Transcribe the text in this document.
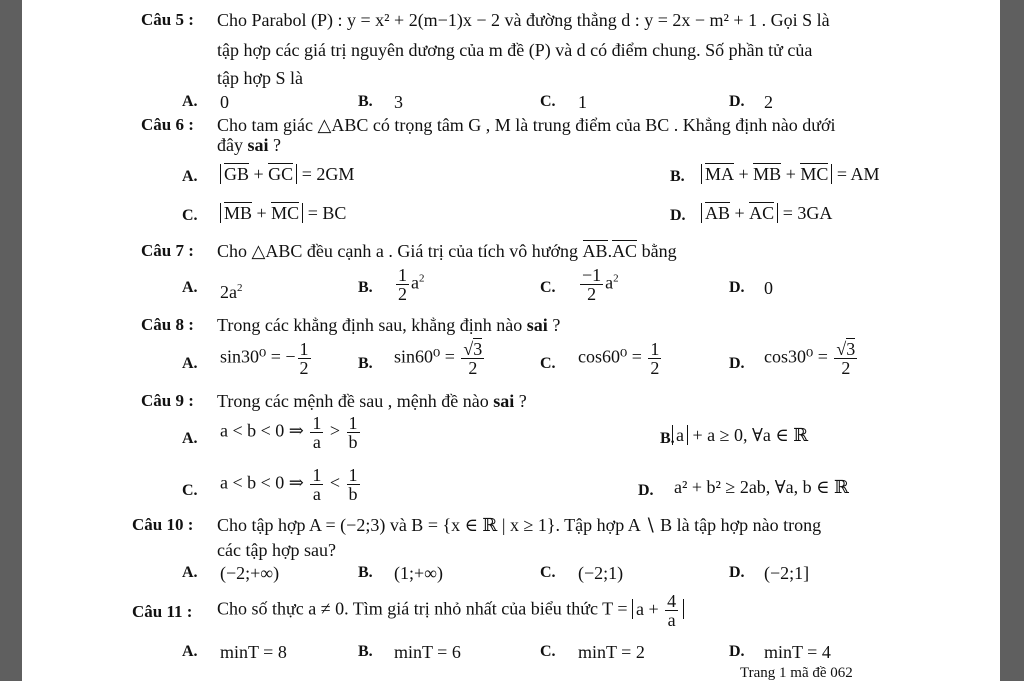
Câu 5 : Cho Parabol (P) : y = x² + 2(m−1)x − 2 và đường thẳng d : y = 2x − m² + 1 . Gọi S là
tập hợp các giá trị nguyên dương của m đề (P) và d có điểm chung. Số phần tử của
tập hợp S là
A. 0	B. 3	C. 1	D. 2
Câu 6 : Cho tam giác △ABC có trọng tâm G , M là trung điểm của BC . Khẳng định nào dưới
đây sai ?
A. GB + GC = 2GM	B. MA + MB + MC = AM
C. MB + MC = BC	D. AB + AC = 3GA
Câu 7 : Cho △ABC đều cạnh a . Giá trị của tích vô hướng AB.AC bằng
A. $2a^2$	B. $\frac{1}{2} a^2$
C. $\frac{-1}{2} a^2$
D. 0
Câu 8 : Trong các khẳng định sau, khẳng định nào sai ?
A. sin30⁰ = − $\frac{1}{2}$	B. $\sin 60^0 = \frac{√3}{2}$	C. $\cos 60^0 = \frac{1}{2}$	D. $\cos 30^0 = \frac{√3}{2}$
Câu 9 : Trong các mệnh đề sau , mệnh đề nào sai ?
A. a < b < 0 ⇒ $\frac{1}{a} > \frac{1}{b}$	B. a + a ≥ 0, ∀a ∈ ℝ
C. a < b < 0 ⇒ $\frac{1}{a} < \frac{1}{b}$	D. a² + b² ≥ 2ab, ∀a, b ∈ ℝ
Câu 10 : Cho tập hợp A = (−2;3) và B = {x ∈ ℝ | x ≥ 1}. Tập hợp A ∖ B là tập hợp nào trong
các tập hợp sau?
A. (−2;+∞)	B. (1;+∞)	C. (−2;1)	D. (−2;1]
Câu 11 : Cho số thực a ≠ 0. Tìm giá trị nhỏ nhất của biểu thức $T = a + \frac{4}{a}$
A. minT = 8	B. minT = 6	C. minT = 2	D. minT = 4
Trang 1 mã đề 062
